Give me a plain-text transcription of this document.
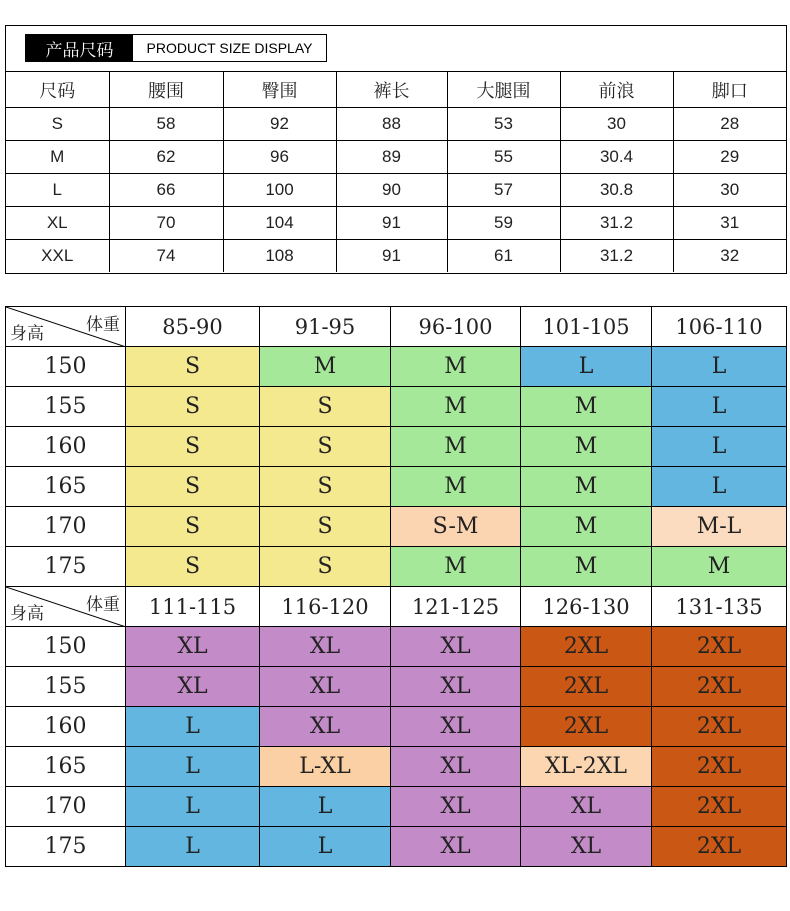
产品尺码	PRODUCT SIZE DISPLAY
尺码	腰围	臀围	裤长	大腿围	前浪	脚口
S	58	92	88	53	30	28
M	62	96	89	55	30.4	29
L	66	100	90	57	30.8	30
XL	70	104	91	59	31.2	31
XXL	74	108	91	61	31.2	32
体重
身高	85-90	91-95	96-100	101-105	106-110
150	S	M	M	L	L
155	S	S	M	M	L
160	S	S	M	M	L
165	S	S	M	M	L
170	S	S	S-M	M	M-L
175	S	S	M	M	M

体重
身高	111-115	116-120	121-125	126-130	131-135
150	XL	XL	XL	2XL	2XL
155	XL	XL	XL	2XL	2XL
160	L	XL	XL	2XL	2XL
165	L	L-XL	XL	XL-2XL	2XL
170	L	L	XL	XL	2XL
175	L	L	XL	XL	2XL
